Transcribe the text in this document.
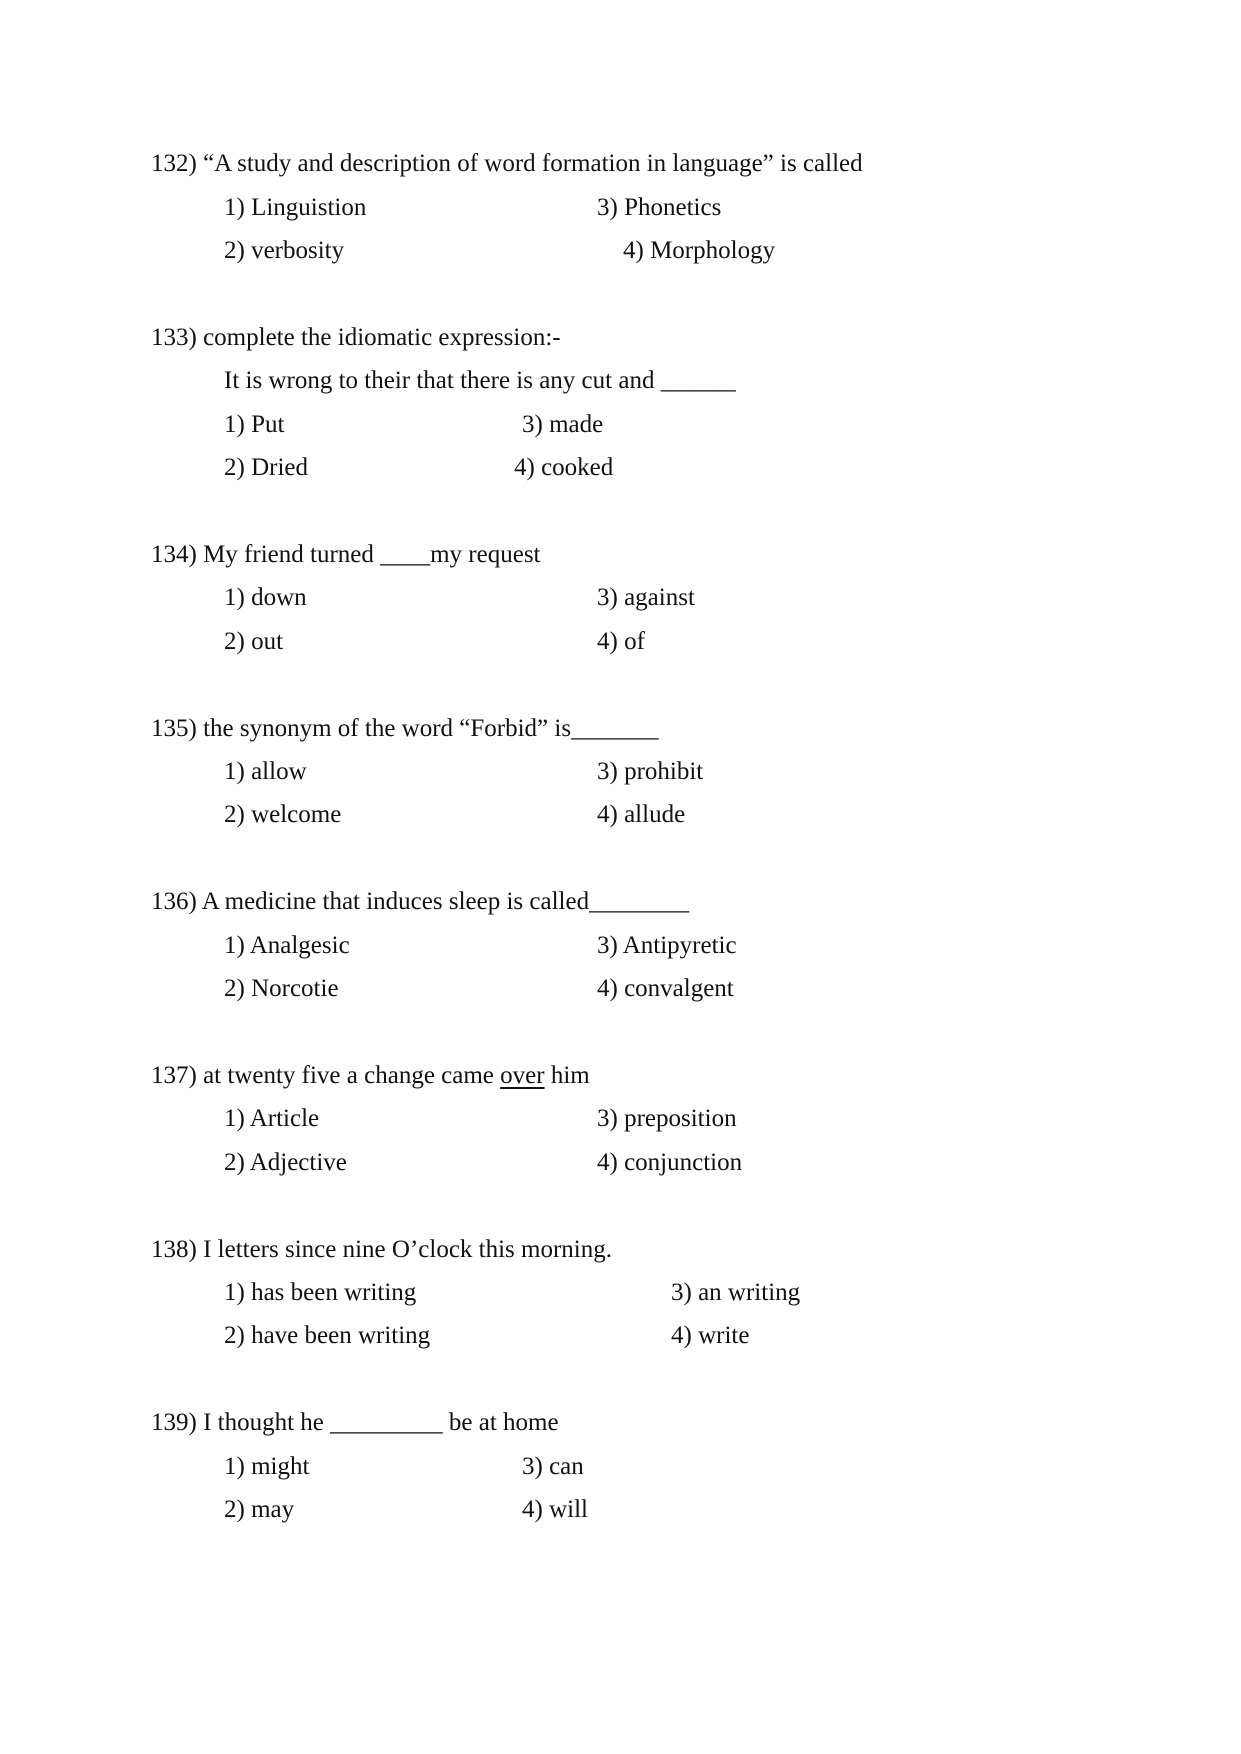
132) “A study and description of word formation in language” is called
1) Linguistion
2) verbosity
3) Phonetics
4) Morphology
133) complete the idiomatic expression:-
It is wrong to their that there is any cut and ______
1) Put
2) Dried
3) made
4) cooked
134) My friend turned ____my request
1) down
2) out
3) against
4) of
135) the synonym of the word “Forbid” is_______
1) allow
2) welcome
3) prohibit
4) allude
136) A medicine that induces sleep is called________
1) Analgesic
2) Norcotie
3) Antipyretic
4) convalgent
137) at twenty five a change came over him
1) Article
2) Adjective
3) preposition
4) conjunction
138) I letters since nine O’clock this morning.
1) has been writing
2) have been writing
3) an writing
4) write
139) I thought he _________ be at home
1) might
2) may
3) can
4) will
